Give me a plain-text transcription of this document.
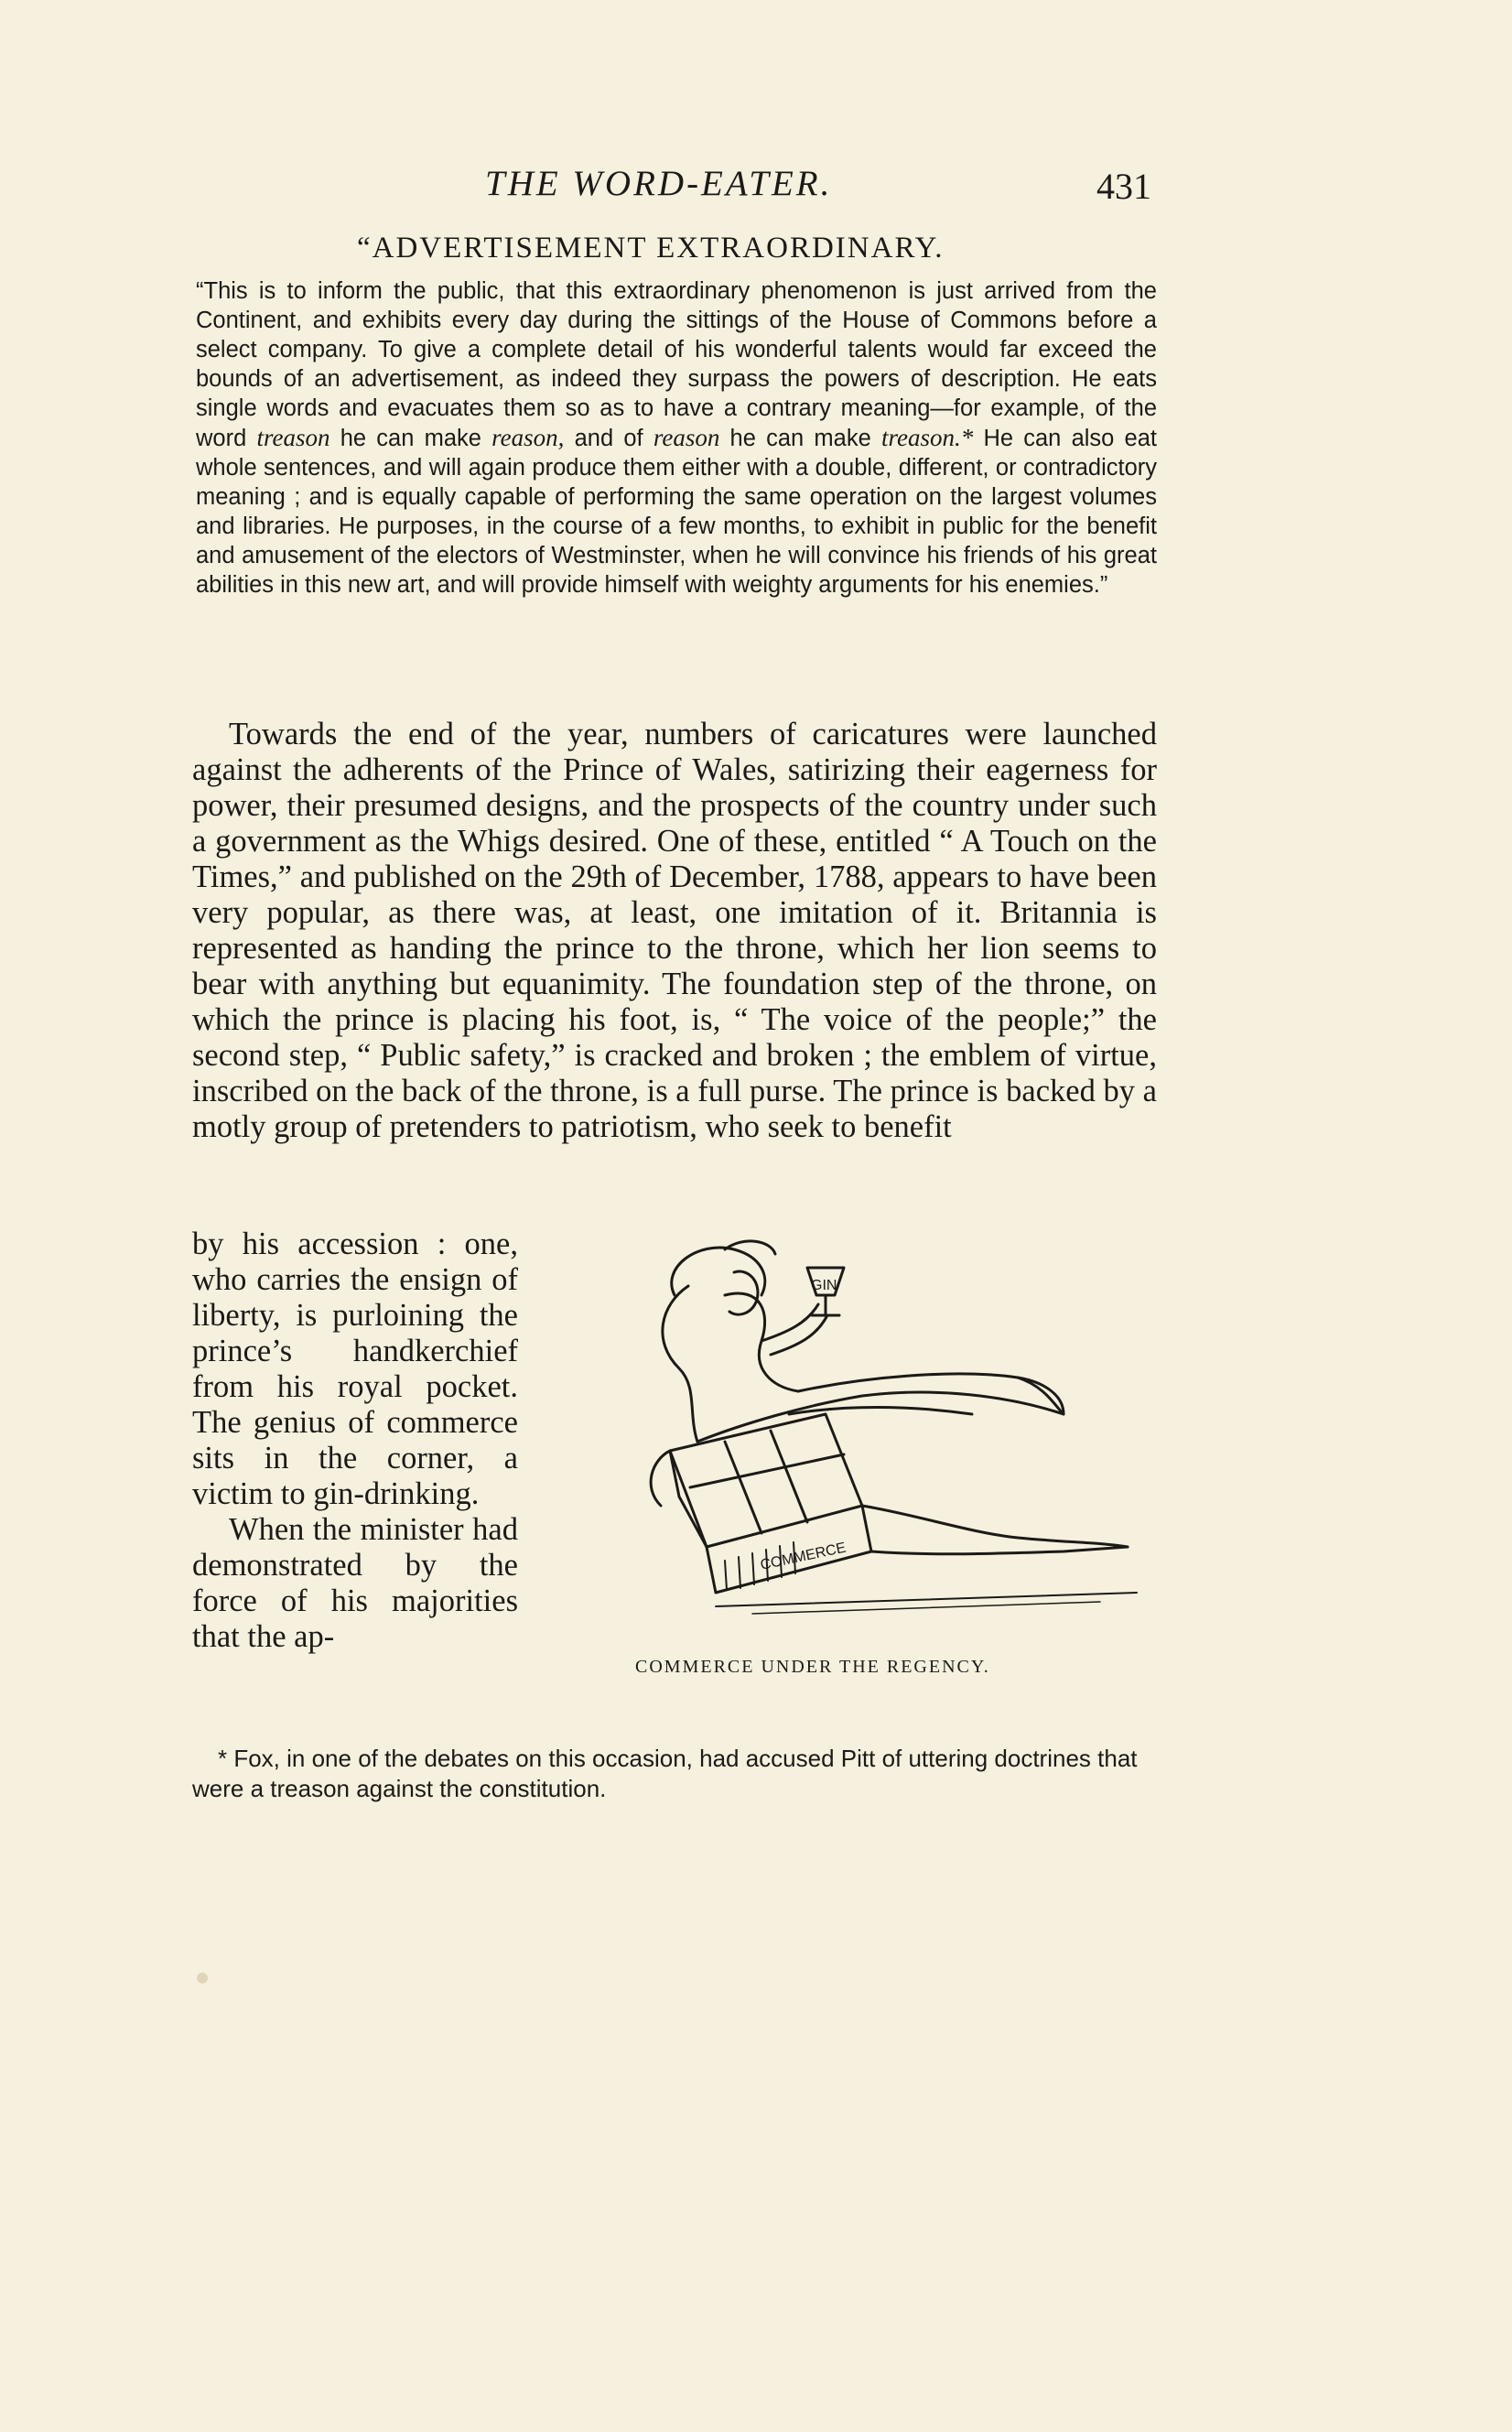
THE WORD-EATER.	431
“ADVERTISEMENT EXTRAORDINARY.

“This is to inform the public, that this extraordinary phenomenon is just arrived from the Continent, and exhibits every day during the sittings of the House of Commons before a select company. To give a complete detail of his wonderful talents would far exceed the bounds of an advertisement, as indeed they surpass the powers of description. He eats single words and evacuates them so as to have a contrary meaning—for example, of the word treason he can make reason, and of reason he can make treason.* He can also eat whole sentences, and will again produce them either with a double, different, or contradictory meaning ; and is equally capable of performing the same operation on the largest volumes and libraries. He purposes, in the course of a few months, to exhibit in public for the benefit and amusement of the electors of Westminster, when he will convince his friends of his great abilities in this new art, and will provide himself with weighty arguments for his enemies.”

Towards the end of the year, numbers of caricatures were launched against the adherents of the Prince of Wales, satirizing their eagerness for power, their presumed designs, and the prospects of the country under such a government as the Whigs desired. One of these, entitled “ A Touch on the Times,” and published on the 29th of December, 1788, appears to have been very popular, as there was, at least, one imitation of it. Britannia is represented as handing the prince to the throne, which her lion seems to bear with anything but equanimity. The foundation step of the throne, on which the prince is placing his foot, is, “ The voice of the people;” the second step, “ Public safety,” is cracked and broken ; the emblem of virtue, inscribed on the back of the throne, is a full purse. The prince is backed by a motly group of pretenders to patriotism, who seek to benefit

by his accession : one, who carries the ensign of liberty, is purloining the prince’s handkerchief from his royal pocket. The genius of commerce sits in the corner, a victim to gin-drinking.

When the minister had demonstrated by the force of his majorities that the ap-

GIN
COMMERCE
COMMERCE UNDER THE REGENCY.

* Fox, in one of the debates on this occasion, had accused Pitt of uttering doctrines that were a treason against the constitution.
